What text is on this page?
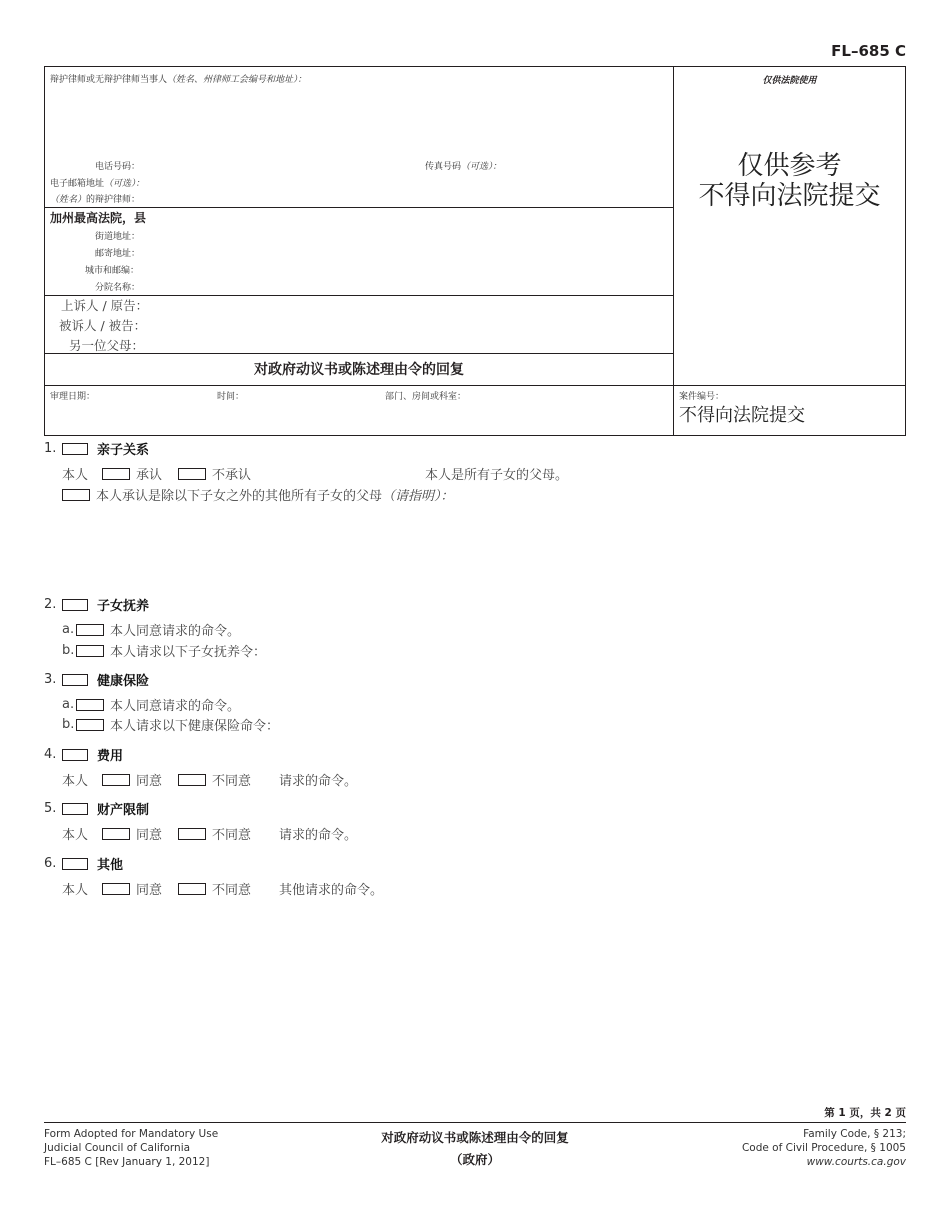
FL–685 C
辩护律师或无辩护律师当事人（姓名、州律师工会编号和地址）：
电话号码：	传真号码（可选）：
电子邮箱地址（可选）：
（姓名）的辩护律师：
加州最高法院，县
街道地址：
邮寄地址：
城市和邮编：
分院名称：
上诉人 / 原告：
被诉人 / 被告：
另一位父母：
对政府动议书或陈述理由令的回复
审理日期：	时间：	部门、房间或科室：
仅供法院使用
仅供参考
不得向法院提交
案件编号：
不得向法院提交
1.	亲子关系
本人	承认	不承认	本人是所有子女的父母。
本人承认是除以下子女之外的其他所有子女的父母 （请指明）：
2.	子女抚养
a.	本人同意请求的命令。
b.	本人请求以下子女抚养令：
3.	健康保险
a.	本人同意请求的命令。
b.	本人请求以下健康保险命令：
4.	费用
本人	同意	不同意 请求的命令。
5.	财产限制
本人	同意	不同意 请求的命令。
6.	其他
本人	同意	不同意 其他请求的命令。
第 1 页，共 2 页
Form Adopted for Mandatory Use
Judicial Council of California
FL–685 C [Rev January 1, 2012]
对政府动议书或陈述理由令的回复
（政府）
Family Code, § 213;
Code of Civil Procedure, § 1005
www.courts.ca.gov
